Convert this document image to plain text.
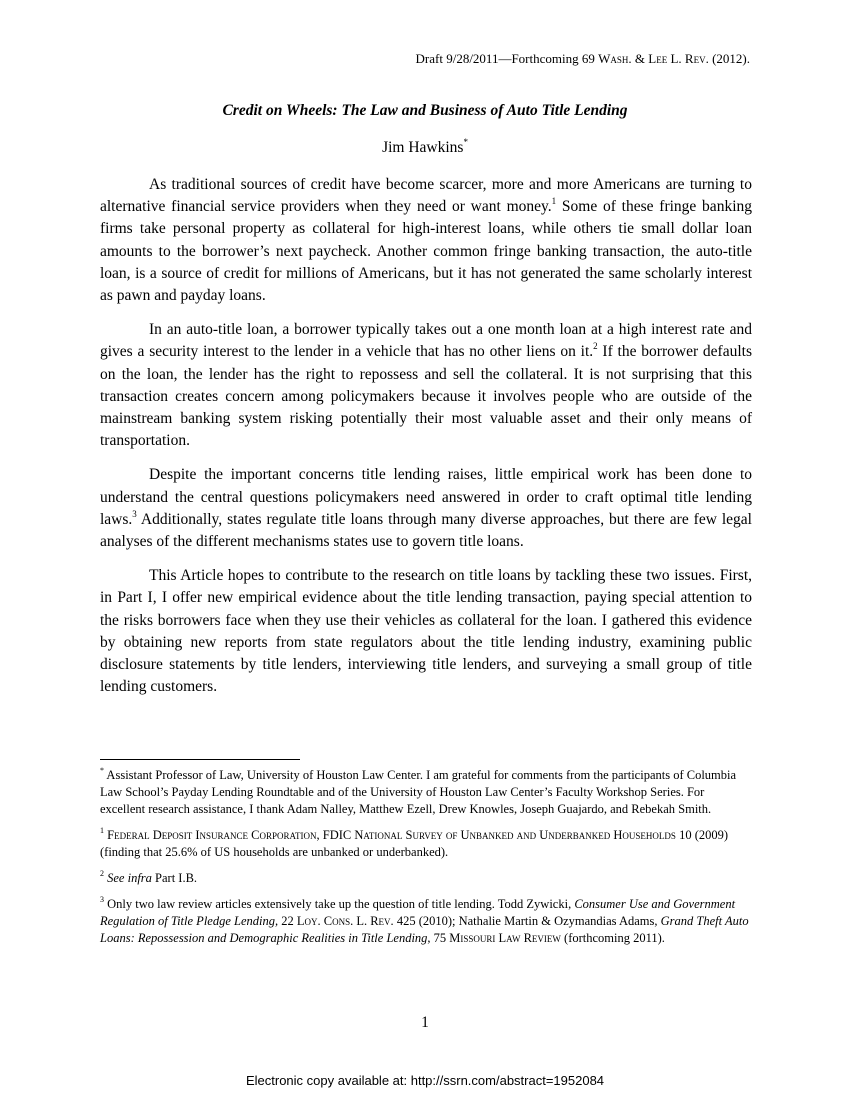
Draft 9/28/2011—Forthcoming 69 Wash. & Lee L. Rev. (2012).
Credit on Wheels: The Law and Business of Auto Title Lending
Jim Hawkins*

As traditional sources of credit have become scarcer, more and more Americans are turning to alternative financial service providers when they need or want money.$^1$ Some of these fringe banking firms take personal property as collateral for high-interest loans, while others tie small dollar loan amounts to the borrower’s next paycheck. Another common fringe banking transaction, the auto-title loan, is a source of credit for millions of Americans, but it has not generated the same scholarly interest as pawn and payday loans.

In an auto-title loan, a borrower typically takes out a one month loan at a high interest rate and gives a security interest to the lender in a vehicle that has no other liens on it.$^2$ If the borrower defaults on the loan, the lender has the right to repossess and sell the collateral. It is not surprising that this transaction creates concern among policymakers because it involves people who are outside of the mainstream banking system risking potentially their most valuable asset and their only means of transportation.

Despite the important concerns title lending raises, little empirical work has been done to understand the central questions policymakers need answered in order to craft optimal title lending laws.$^3$ Additionally, states regulate title loans through many diverse approaches, but there are few legal analyses of the different mechanisms states use to govern title loans.

This Article hopes to contribute to the research on title loans by tackling these two issues. First, in Part I, I offer new empirical evidence about the title lending transaction, paying special attention to the risks borrowers face when they use their vehicles as collateral for the loan. I gathered this evidence by obtaining new reports from state regulators about the title lending industry, examining public disclosure statements by title lenders, interviewing title lenders, and surveying a small group of title lending customers.

* Assistant Professor of Law, University of Houston Law Center. I am grateful for comments from the participants of Columbia Law School’s Payday Lending Roundtable and of the University of Houston Law Center’s Faculty Workshop Series. For excellent research assistance, I thank Adam Nalley, Matthew Ezell, Drew Knowles, Joseph Guajardo, and Rebekah Smith.

$^1$ Federal Deposit Insurance Corporation, FDIC National Survey of Unbanked and Underbanked Households 10 (2009) (finding that 25.6% of US households are unbanked or underbanked).

$^2$ See infra Part I.B.

$^3$ Only two law review articles extensively take up the question of title lending. Todd Zywicki, Consumer Use and Government Regulation of Title Pledge Lending, 22 Loy. Cons. L. Rev. 425 (2010); Nathalie Martin & Ozymandias Adams, Grand Theft Auto Loans: Repossession and Demographic Realities in Title Lending, 75 Missouri Law Review (forthcoming 2011).

1
Electronic copy available at: http://ssrn.com/abstract=1952084
